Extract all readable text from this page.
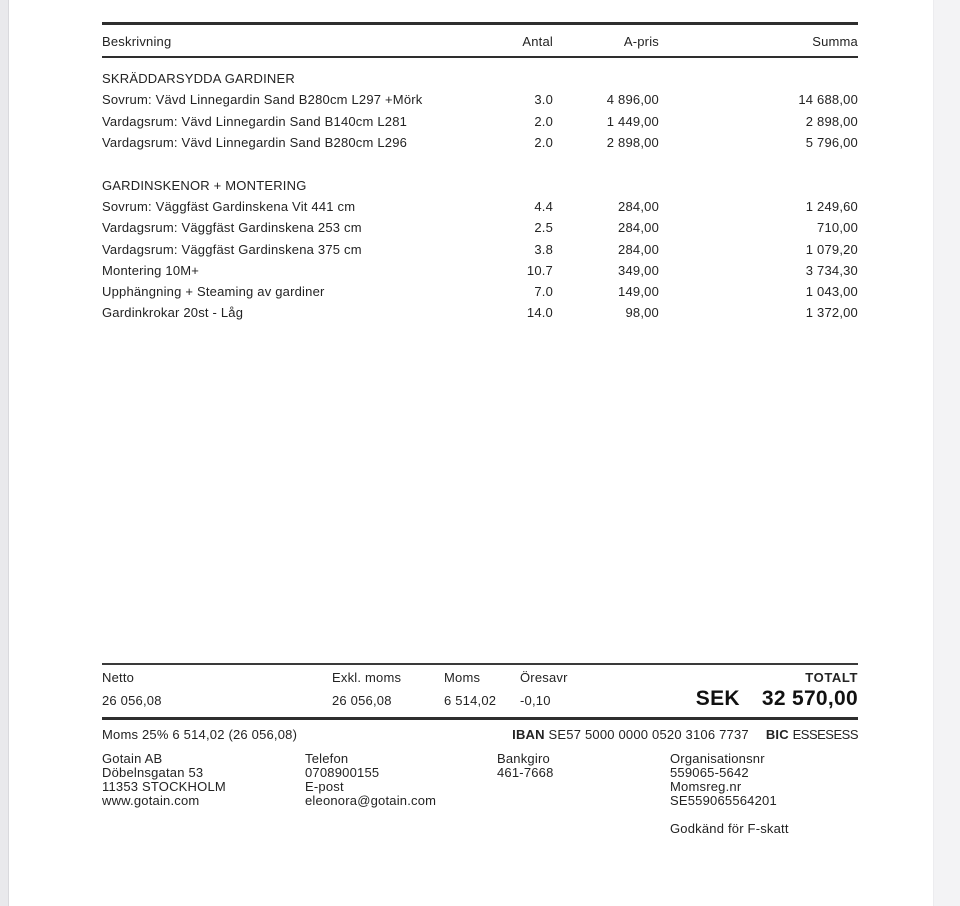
Beskrivning	Antal	A-pris	Summa
SKRÄDDARSYDDA GARDINER
Sovrum: Vävd Linnegardin Sand B280cm L297 +Mörk	3.0	4 896,00	14 688,00
Vardagsrum: Vävd Linnegardin Sand B140cm L281	2.0	1 449,00	2 898,00
Vardagsrum: Vävd Linnegardin Sand B280cm L296	2.0	2 898,00	5 796,00
GARDINSKENOR + MONTERING
Sovrum: Väggfäst Gardinskena Vit 441 cm	4.4	284,00	1 249,60
Vardagsrum: Väggfäst Gardinskena 253 cm	2.5	284,00	710,00
Vardagsrum: Väggfäst Gardinskena 375 cm	3.8	284,00	1 079,20
Montering 10M+	10.7	349,00	3 734,30
Upphängning + Steaming av gardiner	7.0	149,00	1 043,00
Gardinkrokar 20st - Låg	14.0	98,00	1 372,00
Netto	Exkl. moms	Moms	Öresavr	TOTALT
26 056,08	26 056,08	6 514,02	-0,10	SEK 32 570,00
Moms 25% 6 514,02 (26 056,08)	IBAN SE57 5000 0000 0520 3106 7737 BIC ESSESESS
Gotain AB
Döbelnsgatan 53
11353 STOCKHOLM
www.gotain.com
Telefon
0708900155
E-post
eleonora@gotain.com
Bankgiro
461-7668
Organisationsnr
559065-5642
Momsreg.nr
SE559065564201
Godkänd för F-skatt
